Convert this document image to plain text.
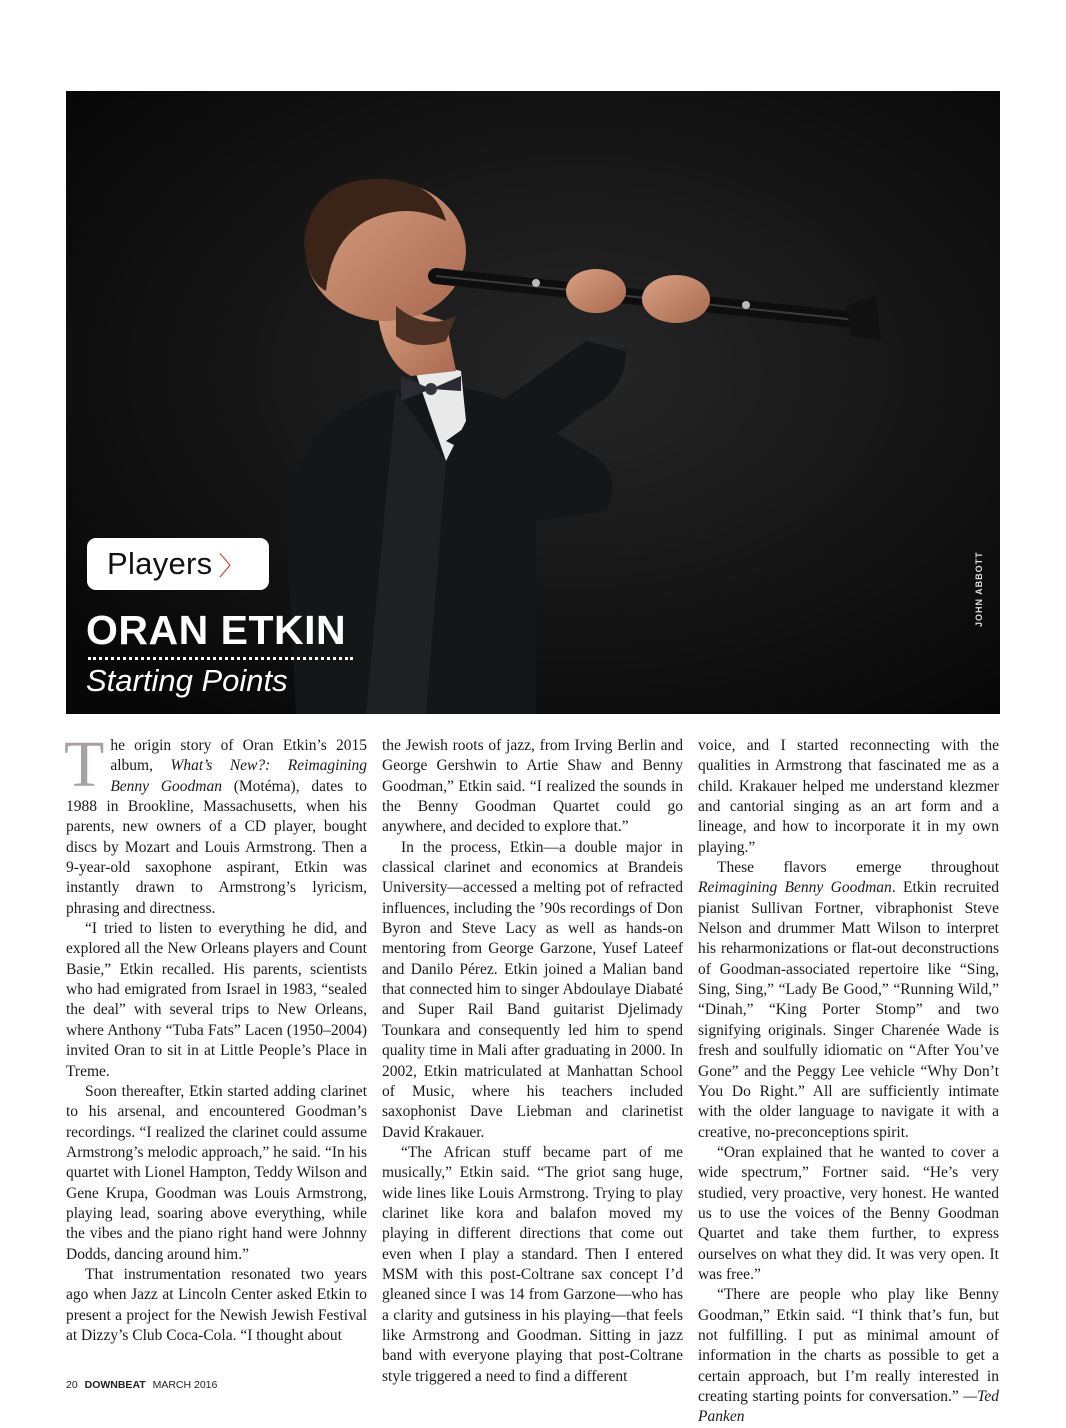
Players 〉
ORAN ETKIN
Starting Points
JOHN ABBOTT
T he origin story of Oran Etkin’s 2015 album, What’s New?: Reimagining Benny Goodman (Motéma), dates to 1988 in Brookline, Massachusetts, when his parents, new owners of a CD player, bought discs by Mozart and Louis Armstrong. Then a 9-year-old saxophone aspirant, Etkin was instantly drawn to Armstrong’s lyricism, phrasing and directness.

“I tried to listen to everything he did, and explored all the New Orleans players and Count Basie,” Etkin recalled. His parents, scientists who had emigrated from Israel in 1983, “sealed the deal” with several trips to New Orleans, where Anthony “Tuba Fats” Lacen (1950–2004) invited Oran to sit in at Little People’s Place in Treme.

Soon thereafter, Etkin started adding clarinet to his arsenal, and encountered Goodman’s recordings. “I realized the clarinet could assume Armstrong’s melodic approach,” he said. “In his quartet with Lionel Hampton, Teddy Wilson and Gene Krupa, Goodman was Louis Armstrong, playing lead, soaring above everything, while the vibes and the piano right hand were Johnny Dodds, dancing around him.”

That instrumentation resonated two years ago when Jazz at Lincoln Center asked Etkin to present a project for the Newish Jewish Festival at Dizzy’s Club Coca-Cola. “I thought about

the Jewish roots of jazz, from Irving Berlin and George Gershwin to Artie Shaw and Benny Goodman,” Etkin said. “I realized the sounds in the Benny Goodman Quartet could go anywhere, and decided to explore that.”

In the process, Etkin—a double major in classical clarinet and economics at Brandeis University—accessed a melting pot of refracted influences, including the ’90s recordings of Don Byron and Steve Lacy as well as hands-on mentoring from George Garzone, Yusef Lateef and Danilo Pérez. Etkin joined a Malian band that connected him to singer Abdoulaye Diabaté and Super Rail Band guitarist Djelimady Tounkara and consequently led him to spend quality time in Mali after graduating in 2000. In 2002, Etkin matriculated at Manhattan School of Music, where his teachers included saxophonist Dave Liebman and clarinetist David Krakauer.

“The African stuff became part of me musically,” Etkin said. “The griot sang huge, wide lines like Louis Armstrong. Trying to play clarinet like kora and balafon moved my playing in different directions that come out even when I play a standard. Then I entered MSM with this post-Coltrane sax concept I’d gleaned since I was 14 from Garzone—who has a clarity and gutsiness in his playing—that feels like Armstrong and Goodman. Sitting in jazz band with everyone playing that post-Coltrane style triggered a need to find a different

voice, and I started reconnecting with the qualities in Armstrong that fascinated me as a child. Krakauer helped me understand klezmer and cantorial singing as an art form and a lineage, and how to incorporate it in my own playing.”

These flavors emerge throughout Reimagining Benny Goodman. Etkin recruited pianist Sullivan Fortner, vibraphonist Steve Nelson and drummer Matt Wilson to interpret his reharmonizations or flat-out deconstructions of Goodman-associated repertoire like “Sing, Sing, Sing,” “Lady Be Good,” “Running Wild,” “Dinah,” “King Porter Stomp” and two signifying originals. Singer Charenée Wade is fresh and soulfully idiomatic on “After You’ve Gone” and the Peggy Lee vehicle “Why Don’t You Do Right.” All are sufficiently intimate with the older language to navigate it with a creative, no-preconceptions spirit.

“Oran explained that he wanted to cover a wide spectrum,” Fortner said. “He’s very studied, very proactive, very honest. He wanted us to use the voices of the Benny Goodman Quartet and take them further, to express ourselves on what they did. It was very open. It was free.”

“There are people who play like Benny Goodman,” Etkin said. “I think that’s fun, but not fulfilling. I put as minimal amount of information in the charts as possible to get a certain approach, but I’m really interested in creating starting points for conversation.” —Ted Panken

20 DOWNBEAT MARCH 2016
